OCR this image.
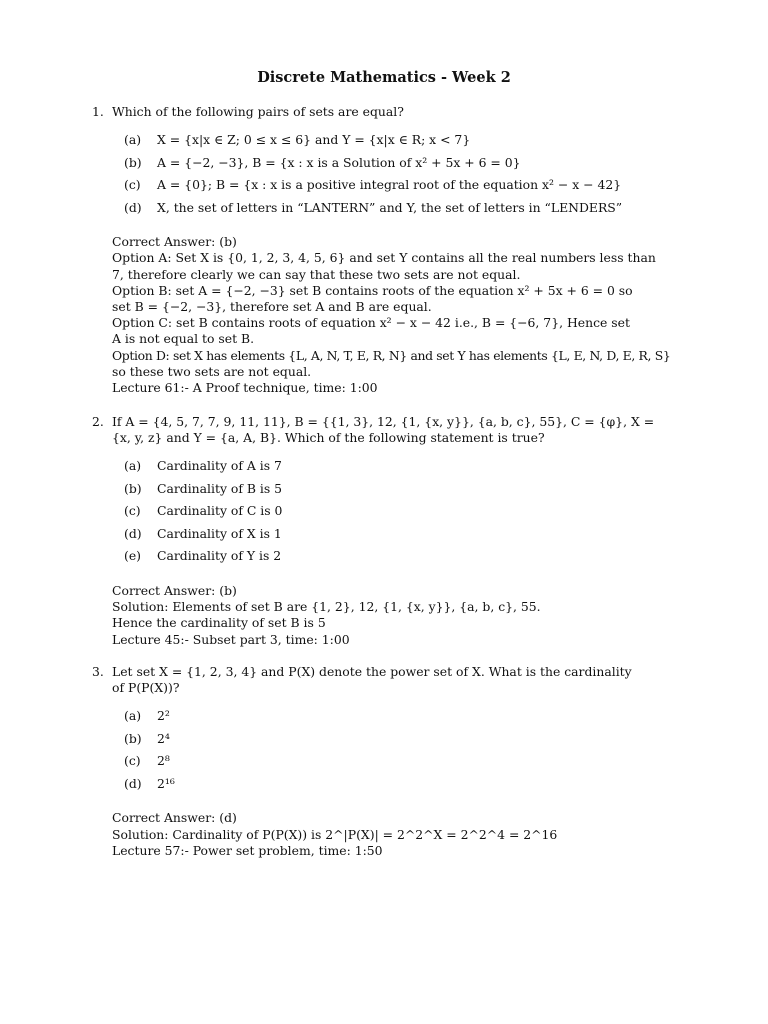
Discrete Mathematics - Week 2
1. Which of the following pairs of sets are equal?
(a) X = {x|x ∈ Z; 0 ≤ x ≤ 6} and Y = {x|x ∈ R; x < 7}
(b) A = {−2, −3}, B = {x : x is a Solution of x² + 5x + 6 = 0}
(c) A = {0}; B = {x : x is a positive integral root of the equation x² − x − 42}
(d) X, the set of letters in “LANTERN” and Y, the set of letters in “LENDERS”
Correct Answer: (b)
Option A: Set X is {0, 1, 2, 3, 4, 5, 6} and set Y contains all the real numbers less than
7, therefore clearly we can say that these two sets are not equal.
Option B: set A = {−2, −3} set B contains roots of the equation x² + 5x + 6 = 0 so
set B = {−2, −3}, therefore set A and B are equal.
Option C: set B contains roots of equation x² − x − 42 i.e., B = {−6, 7}, Hence set
A is not equal to set B.
Option D: set X has elements {L, A, N, T, E, R, N} and set Y has elements {L, E, N, D, E, R, S}
so these two sets are not equal.
Lecture 61:- A Proof technique, time: 1:00
2. If A = {4, 5, 7, 7, 9, 11, 11}, B = {{1, 3}, 12, {1, {x, y}}, {a, b, c}, 55}, C = {φ}, X =
{x, y, z} and Y = {a, A, B}. Which of the following statement is true?
(a) Cardinality of A is 7
(b) Cardinality of B is 5
(c) Cardinality of C is 0
(d) Cardinality of X is 1
(e) Cardinality of Y is 2
Correct Answer: (b)
Solution: Elements of set B are {1, 2}, 12, {1, {x, y}}, {a, b, c}, 55.
Hence the cardinality of set B is 5
Lecture 45:- Subset part 3, time: 1:00
3. Let set X = {1, 2, 3, 4} and P(X) denote the power set of X. What is the cardinality
of P(P(X))?
(a) 2²
(b) 2⁴
(c) 2⁸
(d) 2¹⁶
Correct Answer: (d)
Solution: Cardinality of P(P(X)) is 2^|P(X)| = 2^2^X = 2^2^4 = 2^16
Lecture 57:- Power set problem, time: 1:50
